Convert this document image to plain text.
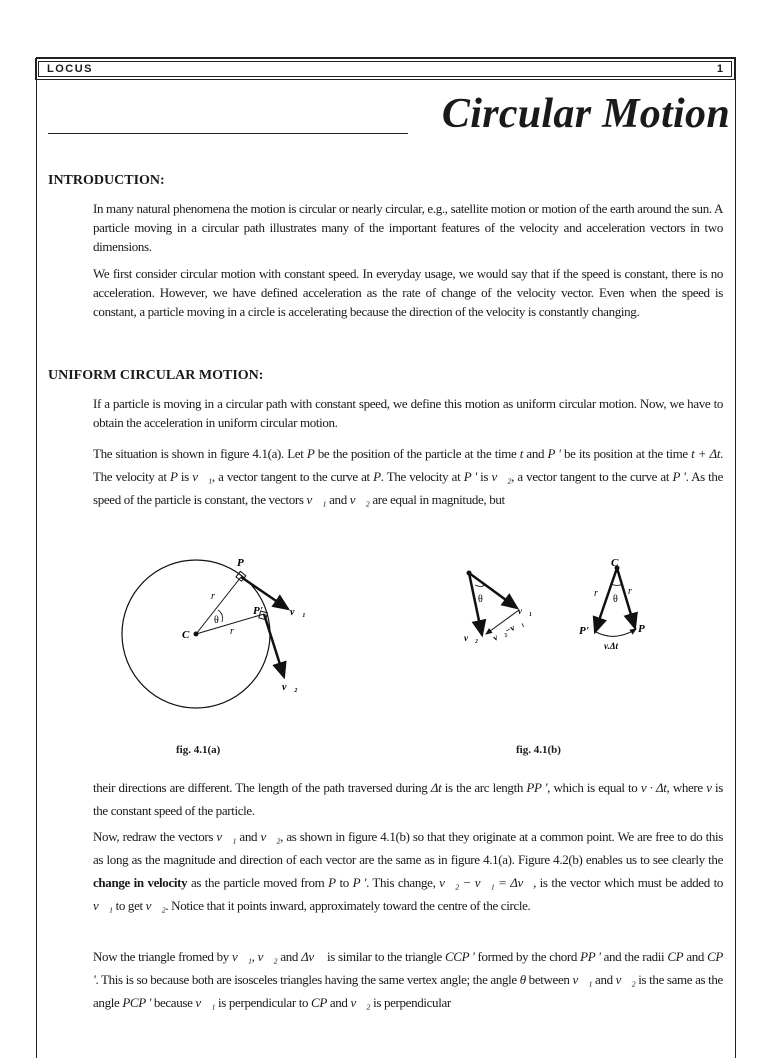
LOCUS	1
Circular Motion
INTRODUCTION:
In many natural phenomena the motion is circular or nearly circular, e.g., satellite motion or motion of the earth around the sun. A particle moving in a circular path illustrates many of the important features of the velocity and acceleration vectors in two dimensions.
We first consider circular motion with constant speed. In everyday usage, we would say that if the speed is constant, there is no acceleration. However, we have defined acceleration as the rate of change of the velocity vector. Even when the speed is constant, a particle moving in a circle is accelerating because the direction of the velocity is constantly changing.
UNIFORM CIRCULAR MOTION:
If a particle is moving in a circular path with constant speed, we define this motion as uniform circular motion. Now, we have to obtain the acceleration in uniform circular motion.
The situation is shown in figure 4.1(a). Let P be the position of the particle at the time t and P ' be its position at the time t + Δt. The velocity at P is v⃗₁, a vector tangent to the curve at P. The velocity at P ' is v⃗₂, a vector tangent to the curve at P '. As the speed of the particle is constant, the vectors v⃗₁ and v⃗₂ are equal in magnitude, but
P
P'
C
r
r
θ
v⃗₁
v⃗₂
fig. 4.1(a)
θ
v⃗₁
v⃗₂ v⃗₂−v⃗₁
C
r	r
θ
P'	P
v.Δt
fig. 4.1(b)
their directions are different. The length of the path traversed during Δt is the arc length PP ', which is equal to v · Δt, where v is the constant speed of the particle.
Now, redraw the vectors v⃗₁ and v⃗₂, as shown in figure 4.1(b) so that they originate at a common point. We are free to do this as long as the magnitude and direction of each vector are the same as in figure 4.1(a). Figure 4.2(b) enables us to see clearly the change in velocity as the particle moved from P to P '. This change, v⃗₂ − v⃗₁ = Δv⃗, is the vector which must be added to v⃗₁ to get v⃗₂. Notice that it points inward, approximately toward the centre of the circle.
Now the triangle fromed by v⃗₁, v⃗₂ and Δv⃗ is similar to the triangle CCP ' formed by the chord PP ' and the radii CP and CP '. This is so because both are isosceles triangles having the same vertex angle; the angle θ between v⃗₁ and v⃗₂ is the same as the angle PCP ' because v⃗₁ is perpendicular to CP and v⃗₂ is perpendicular
